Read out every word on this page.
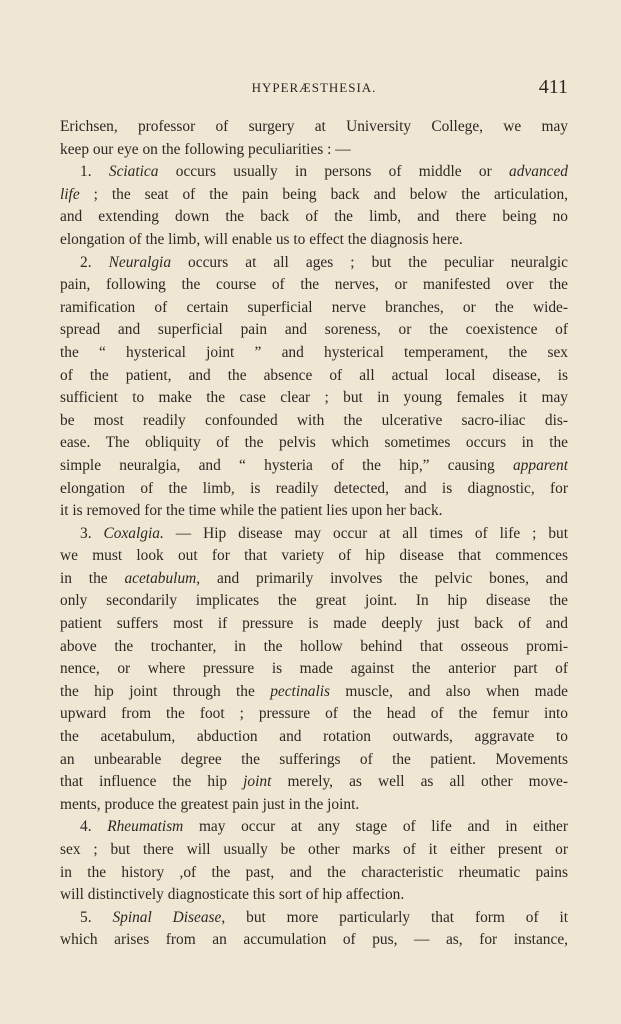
HYPERÆSTHESIA.	411
Erichsen, professor of surgery at University College, we may
keep our eye on the following peculiarities : —
1. Sciatica occurs usually in persons of middle or advanced
life ; the seat of the pain being back and below the articulation,
and extending down the back of the limb, and there being no
elongation of the limb, will enable us to effect the diagnosis here.
2. Neuralgia occurs at all ages ; but the peculiar neuralgic
pain, following the course of the nerves, or manifested over the
ramification of certain superficial nerve branches, or the wide-
spread and superficial pain and soreness, or the coexistence of
the “ hysterical joint ” and hysterical temperament, the sex
of the patient, and the absence of all actual local disease, is
sufficient to make the case clear ; but in young females it may
be most readily confounded with the ulcerative sacro-iliac dis-
ease. The obliquity of the pelvis which sometimes occurs in the
simple neuralgia, and “ hysteria of the hip,” causing apparent
elongation of the limb, is readily detected, and is diagnostic, for
it is removed for the time while the patient lies upon her back.
3. Coxalgia. — Hip disease may occur at all times of life ; but
we must look out for that variety of hip disease that commences
in the acetabulum, and primarily involves the pelvic bones, and
only secondarily implicates the great joint. In hip disease the
patient suffers most if pressure is made deeply just back of and
above the trochanter, in the hollow behind that osseous promi-
nence, or where pressure is made against the anterior part of
the hip joint through the pectinalis muscle, and also when made
upward from the foot ; pressure of the head of the femur into
the acetabulum, abduction and rotation outwards, aggravate to
an unbearable degree the sufferings of the patient. Movements
that influence the hip joint merely, as well as all other move-
ments, produce the greatest pain just in the joint.
4. Rheumatism may occur at any stage of life and in either
sex ; but there will usually be other marks of it either present or
in the history ,of the past, and the characteristic rheumatic pains
will distinctively diagnosticate this sort of hip affection.
5. Spinal Disease, but more particularly that form of it
which arises from an accumulation of pus, — as, for instance,
